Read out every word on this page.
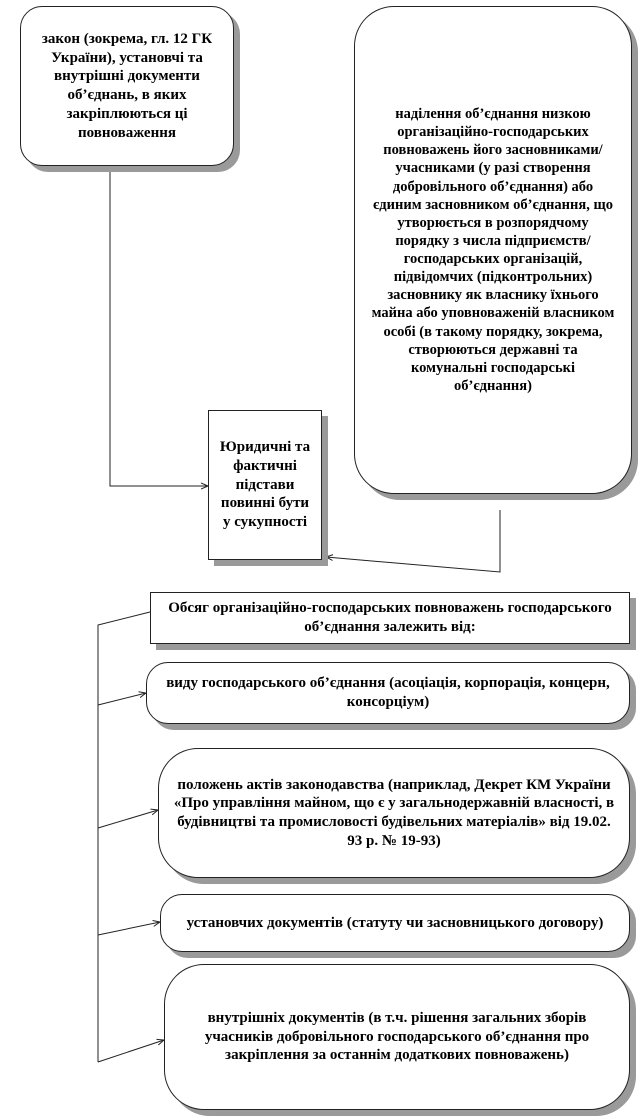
закон (зокрема, гл. 12 ГК України), установчі та внутрішні документи об’єднань, в яких закріплюються ці повноваження
наділення об’єднання низкою організаційно-господарських повноважень його засновниками/учасниками (у разі створення добровільного об’єднання) або єдиним засновником об’єднання, що утворюється в розпорядчому порядку з числа підприємств/господарських організацій, підвідомчих (підконтрольних) засновнику як власнику їхнього майна або уповноваженій власником особі (в такому порядку, зокрема, створюються державні та комунальні господарські об’єднання)
Юридичні та фактичні підстави повинні бути у сукупності
Обсяг організаційно-господарських повноважень господарського об’єднання залежить від:
виду господарського об’єднання (асоціація, корпорація, концерн, консорціум)
положень актів законодавства (наприклад, Декрет КМ України «Про управління майном, що є у загальнодержавній власності, в будівництві та промисловості будівельних матеріалів» від 19.02. 93 р. № 19-93)
установчих документів (статуту чи засновницького договору)
внутрішніх документів (в т.ч. рішення загальних зборів учасників добровільного господарського об’єднання про закріплення за останнім додаткових повноважень)
